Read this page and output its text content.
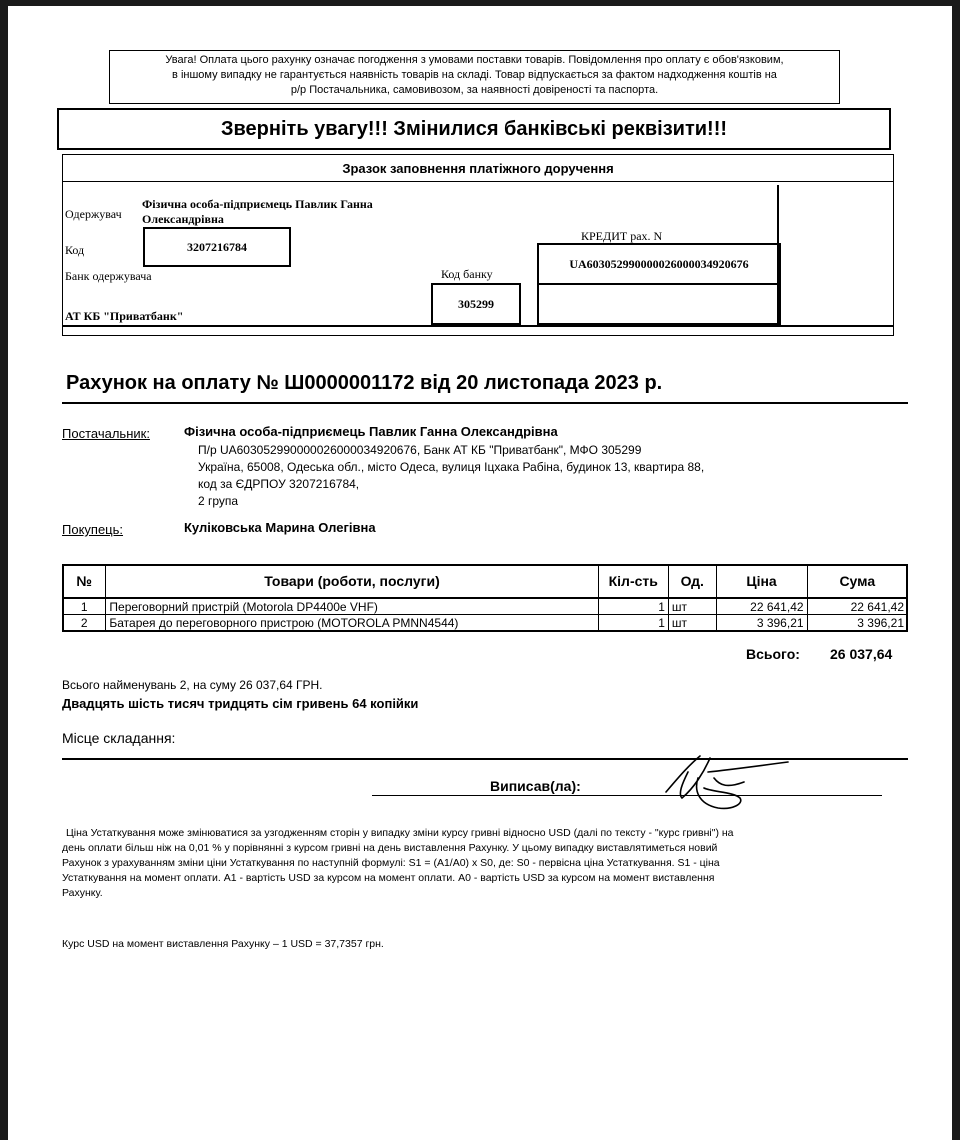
Увага! Оплата цього рахунку означає погодження з умовами поставки товарів. Повідомлення про оплату є обов'язковим,
в іншому випадку не гарантується наявність товарів на складі. Товар відпускається за фактом надходження коштів на
р/р Постачальника, самовивозом, за наявності довіреності та паспорта.
Зверніть увагу!!! Змінилися банківські реквізити!!!
Зразок заповнення платіжного доручення
Одержувач
Фізична особа-підприємець Павлик Ганна
Олександрівна
Код	3207216784
Банк одержувача
АТ КБ "Приватбанк"
Код банку
305299
КРЕДИТ рах. N
UA603052990000026000034920676
Рахунок на оплату № Ш0000001172 від 20 листопада 2023 р.
Постачальник:	Фізична особа-підприємець Павлик Ганна Олександрівна
П/р UA603052990000026000034920676, Банк АТ КБ "Приватбанк", МФО 305299
Україна, 65008, Одеська обл., місто Одеса, вулиця Іцхака Рабіна, будинок 13, квартира 88,
код за ЄДРПОУ 3207216784,
2 група
Покупець:	Куліковська Марина Олегівна
№	Товари (роботи, послуги)	Кіл-сть	Од.	Ціна	Сума
1	Переговорний пристрій (Motorola DP4400e VHF)	1	шт	22 641,42	22 641,42
2	Батарея до переговорного пристрою (MOTOROLA PMNN4544)	1	шт	3 396,21	3 396,21
Всього: 26 037,64
Всього найменувань 2, на суму 26 037,64 ГРН.
Двадцять шість тисяч тридцять сім гривень 64 копійки
Місце складання:
Виписав(ла):
Ціна Устаткування може змінюватися за узгодженням сторін у випадку зміни курсу гривні відносно USD (далі по тексту - "курс гривні") на
день оплати більш ніж на 0,01 % у порівнянні з курсом гривні на день виставлення Рахунку. У цьому випадку виставлятиметься новий
Рахунок з урахуванням зміни ціни Устаткування по наступній формулі: S1 = (A1/A0) x S0, де: S0 - первісна ціна Устаткування. S1 - ціна
Устаткування на момент оплати. А1 - вартість USD за курсом на момент оплати. А0 - вартість USD за курсом на момент виставлення
Рахунку.
Курс USD на момент виставлення Рахунку – 1 USD = 37,7357 грн.
